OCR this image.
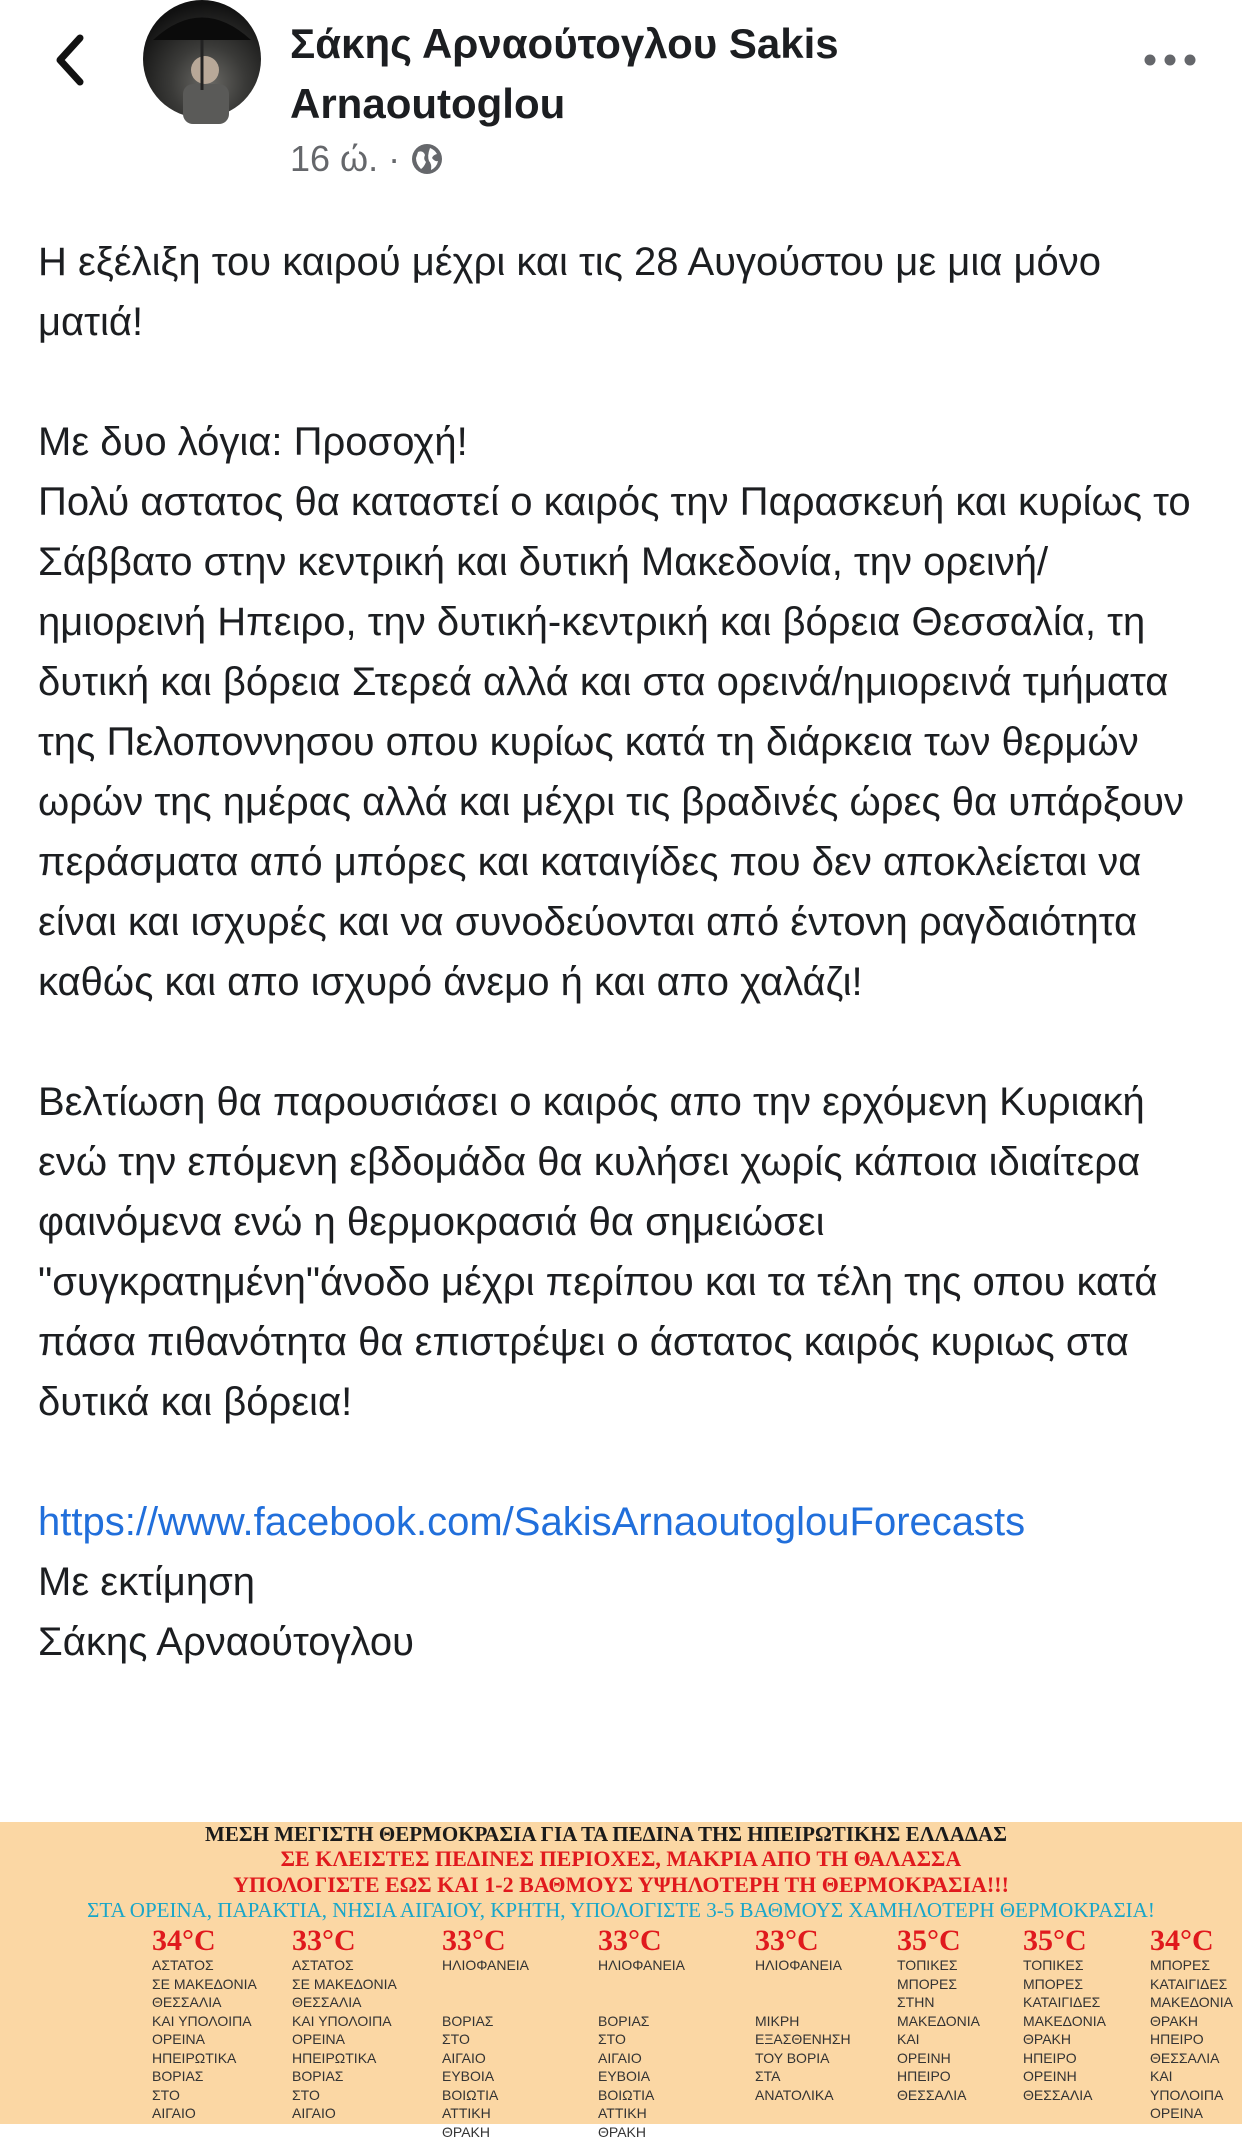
Σάκης Αρναούτογλου Sakis Arnaoutoglou
16 ώ. ·

Η εξέλιξη του καιρού μέχρι και τις 28 Αυγούστου με μια μόνο ματιά!

Με δυο λόγια: Προσοχή!
Πολύ αστατος θα καταστεί ο καιρός την Παρασκευή και κυρίως το Σάββατο στην κεντρική και δυτική Μακεδονία, την ορεινή/ημιορεινή Ηπειρο, την δυτική-κεντρική και βόρεια Θεσσαλία, τη δυτική και βόρεια Στερεά αλλά και στα ορεινά/ημιορεινά τμήματα της Πελοποννησου οπου κυρίως κατά τη διάρκεια των θερμών ωρών της ημέρας αλλά και μέχρι τις βραδινές ώρες θα υπάρξουν περάσματα από μπόρες και καταιγίδες που δεν αποκλείεται να είναι και ισχυρές και να συνοδεύονται από έντονη ραγδαιότητα καθώς και απο ισχυρό άνεμο ή και απο χαλάζι!

Βελτίωση θα παρουσιάσει ο καιρός απο την ερχόμενη Κυριακή ενώ την επόμενη εβδομάδα θα κυλήσει χωρίς κάποια ιδιαίτερα φαινόμενα ενώ η θερμοκρασιά θα σημειώσει "συγκρατημένη"άνοδο μέχρι περίπου και τα τέλη της οπου κατά πάσα πιθανότητα θα επιστρέψει ο άστατος καιρός κυριως στα δυτικά και βόρεια!

https://www.facebook.com/SakisArnaoutoglouForecasts
Με εκτίμηση
Σάκης Αρναούτογλου
ΜΕΣΗ ΜΕΓΙΣΤΗ ΘΕΡΜΟΚΡΑΣΙΑ ΓΙΑ ΤΑ ΠΕΔΙΝΑ ΤΗΣ ΗΠΕΙΡΩΤΙΚΗΣ ΕΛΛΑΔΑΣ
ΣΕ ΚΛΕΙΣΤΕΣ ΠΕΔΙΝΕΣ ΠΕΡΙΟΧΕΣ, ΜΑΚΡΙΑ ΑΠΟ ΤΗ ΘΑΛΑΣΣΑ
ΥΠΟΛΟΓΙΣΤΕ ΕΩΣ ΚΑΙ 1-2 ΒΑΘΜΟΥΣ ΥΨΗΛΟΤΕΡΗ ΤΗ ΘΕΡΜΟΚΡΑΣΙΑ!!!
ΣΤΑ ΟΡΕΙΝΑ, ΠΑΡΑΚΤΙΑ, ΝΗΣΙΑ ΑΙΓΑΙΟΥ, ΚΡΗΤΗ, ΥΠΟΛΟΓΙΣΤΕ 3-5 ΒΑΘΜΟΥΣ ΧΑΜΗΛΟΤΕΡΗ ΘΕΡΜΟΚΡΑΣΙΑ!
34°C
ΑΣΤΑΤΟΣ
ΣΕ ΜΑΚΕΔΟΝΙΑ
ΘΕΣΣΑΛΙΑ
ΚΑΙ ΥΠΟΛΟΙΠΑ
ΟΡΕΙΝΑ
ΗΠΕΙΡΩΤΙΚΑ
ΒΟΡΙΑΣ
ΣΤΟ
ΑΙΓΑΙΟ
33°C
ΑΣΤΑΤΟΣ
ΣΕ ΜΑΚΕΔΟΝΙΑ
ΘΕΣΣΑΛΙΑ
ΚΑΙ ΥΠΟΛΟΙΠΑ
ΟΡΕΙΝΑ
ΗΠΕΙΡΩΤΙΚΑ
ΒΟΡΙΑΣ
ΣΤΟ
ΑΙΓΑΙΟ
33°C
ΗΛΙΟΦΑΝΕΙΑ

ΒΟΡΙΑΣ
ΣΤΟ
ΑΙΓΑΙΟ
ΕΥΒΟΙΑ
ΒΟΙΩΤΙΑ
ΑΤΤΙΚΗ
ΘΡΑΚΗ
33°C
ΗΛΙΟΦΑΝΕΙΑ

ΒΟΡΙΑΣ
ΣΤΟ
ΑΙΓΑΙΟ
ΕΥΒΟΙΑ
ΒΟΙΩΤΙΑ
ΑΤΤΙΚΗ
ΘΡΑΚΗ
33°C
ΗΛΙΟΦΑΝΕΙΑ

ΜΙΚΡΗ
ΕΞΑΣΘΕΝΗΣΗ
ΤΟΥ ΒΟΡΙΑ
ΣΤΑ
ΑΝΑΤΟΛΙΚΑ
35°C
ΤΟΠΙΚΕΣ
ΜΠΟΡΕΣ
ΣΤΗΝ
ΜΑΚΕΔΟΝΙΑ
ΚΑΙ
ΟΡΕΙΝΗ
ΗΠΕΙΡΟ
ΘΕΣΣΑΛΙΑ
35°C
ΤΟΠΙΚΕΣ
ΜΠΟΡΕΣ
ΚΑΤΑΙΓΙΔΕΣ
ΜΑΚΕΔΟΝΙΑ
ΘΡΑΚΗ
ΗΠΕΙΡΟ
ΟΡΕΙΝΗ
ΘΕΣΣΑΛΙΑ
34°C
ΜΠΟΡΕΣ
ΚΑΤΑΙΓΙΔΕΣ
ΜΑΚΕΔΟΝΙΑ
ΘΡΑΚΗ
ΗΠΕΙΡΟ
ΘΕΣΣΑΛΙΑ
ΚΑΙ
ΥΠΟΛΟΙΠΑ
ΟΡΕΙΝΑ
